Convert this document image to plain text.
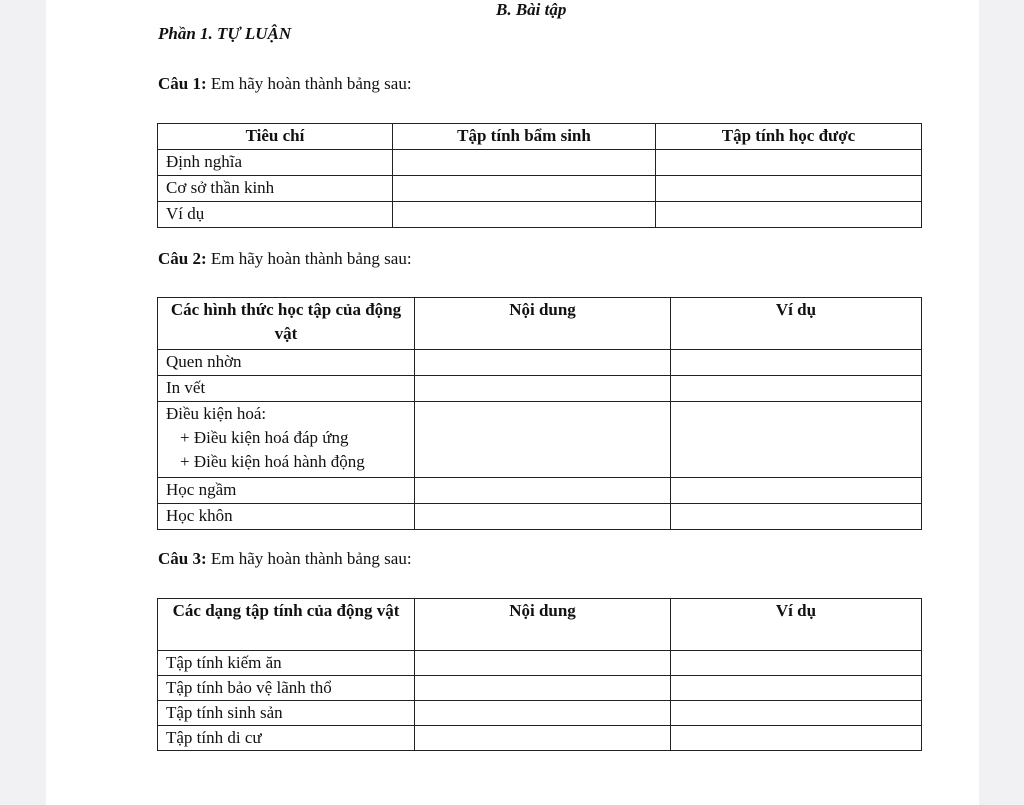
B. Bài tập
Phần 1. TỰ LUẬN
Câu 1: Em hãy hoàn thành bảng sau:
Tiêu chí	Tập tính bẩm sinh	Tập tính học được
Định nghĩa		
Cơ sở thần kinh		
Ví dụ		
Câu 2: Em hãy hoàn thành bảng sau:
Các hình thức học tập của động vật	Nội dung	Ví dụ
Quen nhờn		
In vết		
Điều kiện hoá:
+ Điều kiện hoá đáp ứng
+ Điều kiện hoá hành động		

Học ngầm		
Học khôn		
Câu 3: Em hãy hoàn thành bảng sau:
Các dạng tập tính của động vật	Nội dung	Ví dụ
Tập tính kiếm ăn		
Tập tính bảo vệ lãnh thổ		
Tập tính sinh sản		
Tập tính di cư		
